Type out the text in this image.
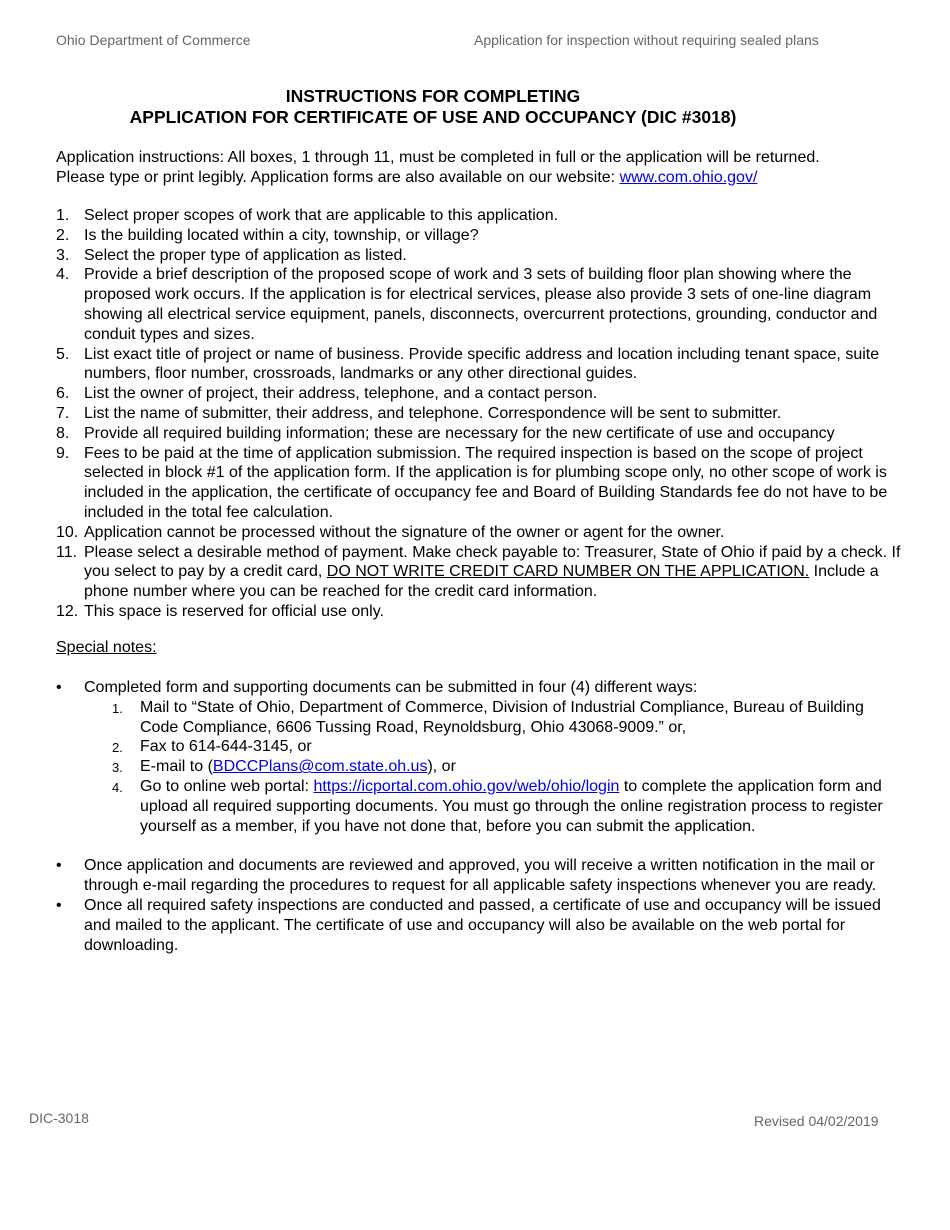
Ohio Department of Commerce	Application for inspection without requiring sealed plans
INSTRUCTIONS FOR COMPLETING
APPLICATION FOR CERTIFICATE OF USE AND OCCUPANCY (DIC #3018)
Application instructions: All boxes, 1 through 11, must be completed in full or the application will be returned.
Please type or print legibly. Application forms are also available on our website: www.com.ohio.gov/
1. Select proper scopes of work that are applicable to this application.
2. Is the building located within a city, township, or village?
3. Select the proper type of application as listed.
4. Provide a brief description of the proposed scope of work and 3 sets of building floor plan showing where the proposed work occurs. If the application is for electrical services, please also provide 3 sets of one-line diagram showing all electrical service equipment, panels, disconnects, overcurrent protections, grounding, conductor and conduit types and sizes.
5. List exact title of project or name of business. Provide specific address and location including tenant space, suite numbers, floor number, crossroads, landmarks or any other directional guides.
6. List the owner of project, their address, telephone, and a contact person.
7. List the name of submitter, their address, and telephone. Correspondence will be sent to submitter.
8. Provide all required building information; these are necessary for the new certificate of use and occupancy
9. Fees to be paid at the time of application submission. The required inspection is based on the scope of project selected in block #1 of the application form. If the application is for plumbing scope only, no other scope of work is included in the application, the certificate of occupancy fee and Board of Building Standards fee do not have to be included in the total fee calculation.
10. Application cannot be processed without the signature of the owner or agent for the owner.
11. Please select a desirable method of payment. Make check payable to: Treasurer, State of Ohio if paid by a check. If you select to pay by a credit card, DO NOT WRITE CREDIT CARD NUMBER ON THE APPLICATION. Include a phone number where you can be reached for the credit card information.
12. This space is reserved for official use only.
Special notes:
• Completed form and supporting documents can be submitted in four (4) different ways:
1. Mail to “State of Ohio, Department of Commerce, Division of Industrial Compliance, Bureau of Building Code Compliance, 6606 Tussing Road, Reynoldsburg, Ohio 43068-9009.” or,
2. Fax to 614-644-3145, or
3. E-mail to (BDCCPlans@com.state.oh.us), or
4. Go to online web portal: https://icportal.com.ohio.gov/web/ohio/login to complete the application form and upload all required supporting documents. You must go through the online registration process to register yourself as a member, if you have not done that, before you can submit the application.
• Once application and documents are reviewed and approved, you will receive a written notification in the mail or through e-mail regarding the procedures to request for all applicable safety inspections whenever you are ready.
• Once all required safety inspections are conducted and passed, a certificate of use and occupancy will be issued and mailed to the applicant. The certificate of use and occupancy will also be available on the web portal for downloading.
DIC-3018	Revised 04/02/2019
